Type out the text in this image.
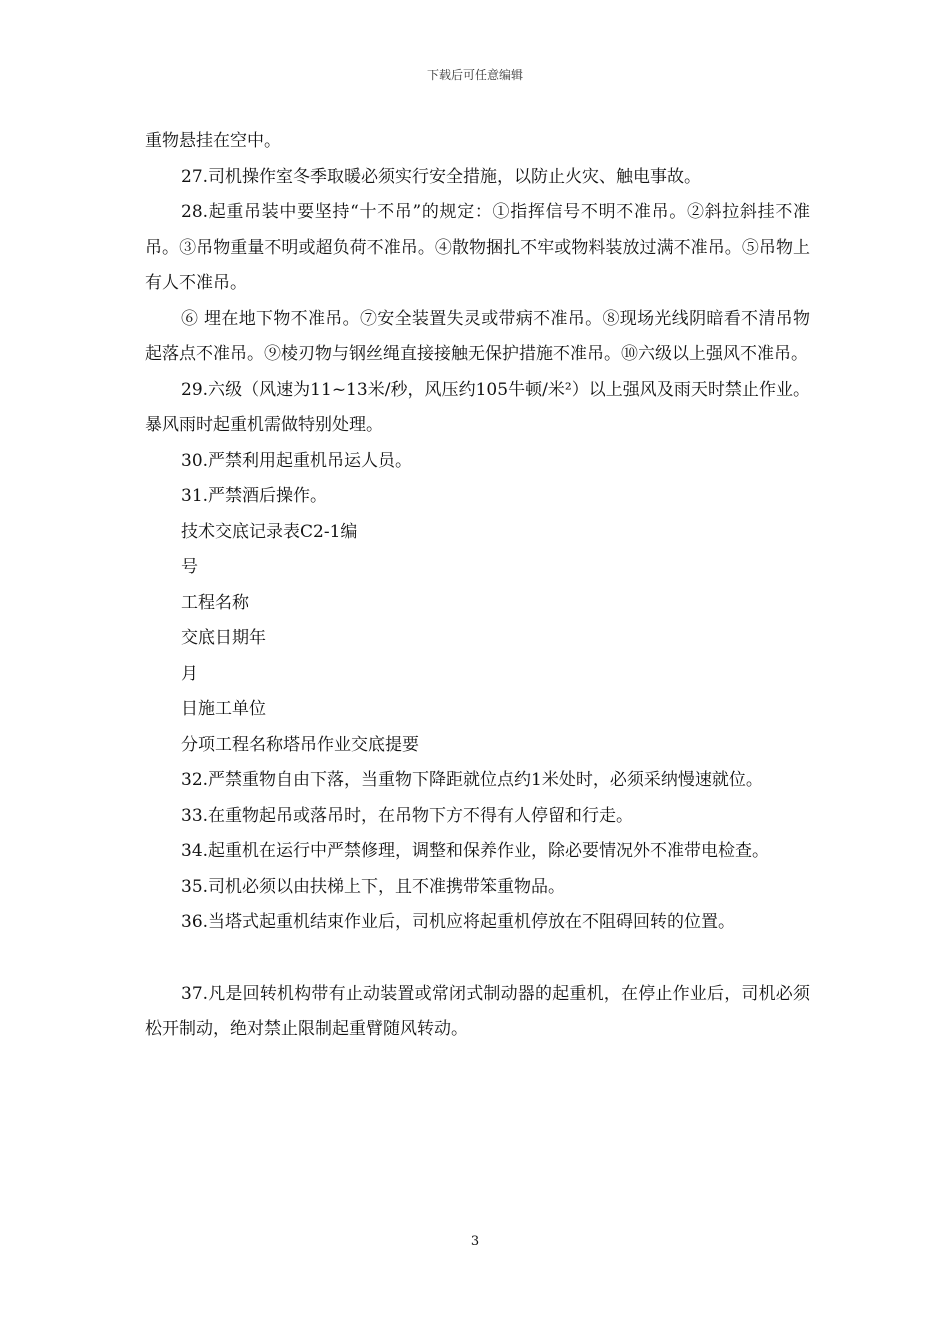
下载后可任意编辑

重物悬挂在空中。

27.司机操作室冬季取暖必须实行安全措施，以防止火灾、触电事故。

28.起重吊装中要坚持“十不吊”的规定：①指挥信号不明不准吊。②斜拉斜挂不准吊。③吊物重量不明或超负荷不准吊。④散物捆扎不牢或物料装放过满不准吊。⑤吊物上有人不准吊。

⑥ 埋在地下物不准吊。⑦安全装置失灵或带病不准吊。⑧现场光线阴暗看不清吊物起落点不准吊。⑨棱刃物与钢丝绳直接接触无保护措施不准吊。⑩六级以上强风不准吊。

29.六级（风速为11~13米/秒，风压约105牛顿/米²）以上强风及雨天时禁止作业。暴风雨时起重机需做特别处理。

30.严禁利用起重机吊运人员。

31.严禁酒后操作。

技术交底记录表C2-1编

号

工程名称

交底日期年

月

日施工单位

分项工程名称塔吊作业交底提要

32.严禁重物自由下落，当重物下降距就位点约1米处时，必须采纳慢速就位。

33.在重物起吊或落吊时，在吊物下方不得有人停留和行走。

34.起重机在运行中严禁修理，调整和保养作业，除必要情况外不准带电检查。

35.司机必须以由扶梯上下，且不准携带笨重物品。

36.当塔式起重机结束作业后，司机应将起重机停放在不阻碍回转的位置。

37.凡是回转机构带有止动装置或常闭式制动器的起重机，在停止作业后，司机必须松开制动，绝对禁止限制起重臂随风转动。

3
